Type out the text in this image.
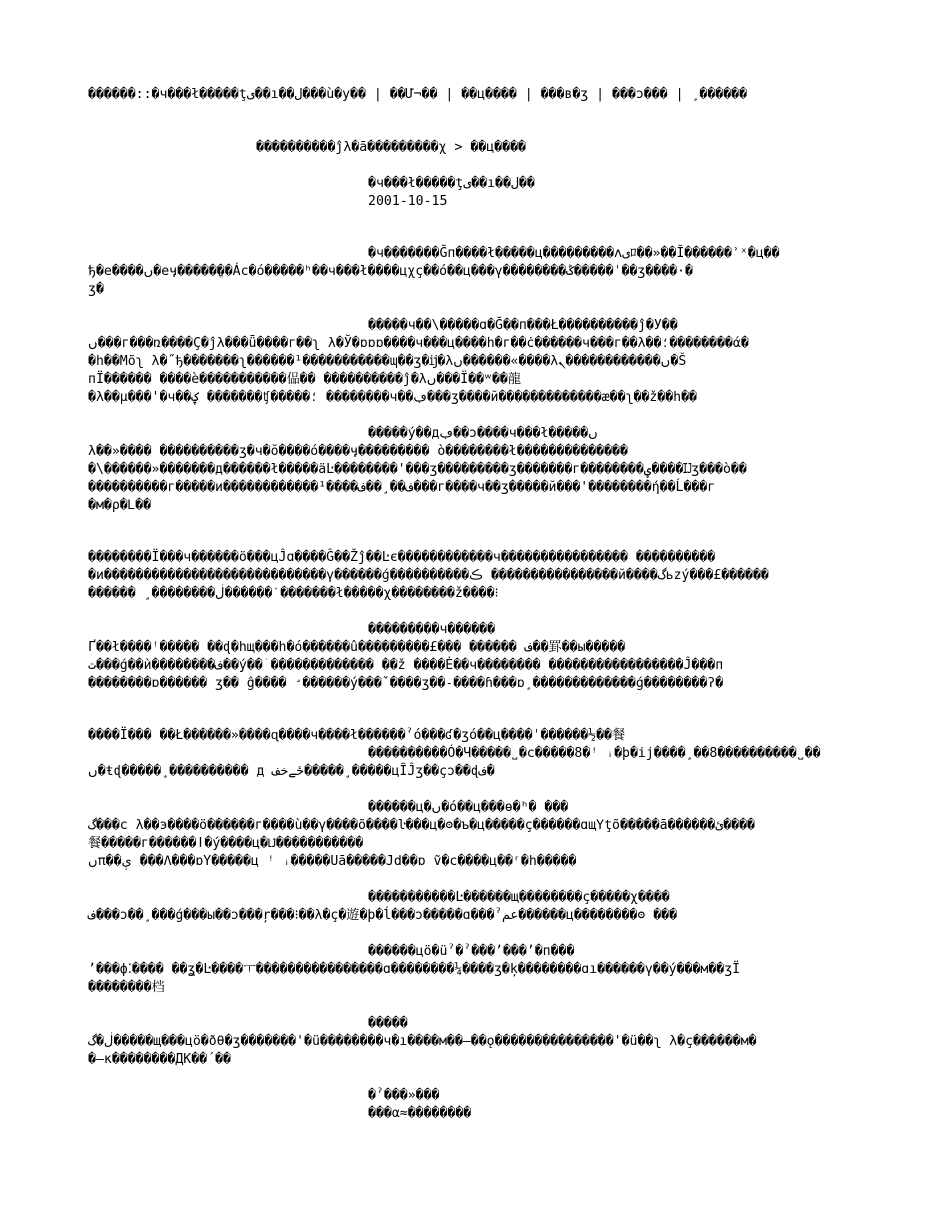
������::�ч���ł�����ţی��ı��ل���ù�у�� | ��Ư¬�� | ��ц���� | ���в�ʒ | ���ɔ��� | ¸������
����������ĵλ�ā���������χ > ��ц����
�ч���ł�����ţی��ı��ل��
2001-10-15
�ч�������Ğп����ł�����ц���������ʌیﾛ��»��Ĩ������ʾˣ�ц��
ђ�е����ں�еӌ�����ֱ��Ác�ó�����ʰ��ч���ł����цχç��ó��ц���γ��������ݣ�����ˈ��ʒ����·�
ʒ�
�����ч��\�����ɑ�Ğ��п���Ł����������ĵ�У��
ں���г���ռ����Ç�ĵλ���ǖ����г��ʅ λ�Ў�ɒɒɒ����ч���ц����һ�г��ċ������ч���г��λ��؛��������ά�
�һ��Mõʅ λ�˝ђ�������ʅ������¹�����������ɰ��ʒ�ĳ�λں������«����λں������������ܢ�Š
пÏ������ ����ѐ�����������偘�� ����������ĵ�λں���Ï��ʷ��龍
�λ��µ���'�ч��ؼ �������ʧ�����؛ ��������ч��ڢ���ʒ����й�������������æ��ʅ��ž��h��
�����ý��дڢ��ɔ����ч���ł�����ں
λ��»���� ����������ʒ�ч�ŏ����ó����ӌ��������� ò��������ł��������������
�\������»�������д������ł�����äĿ��������'���ʒ���������ʒ�������г��������ؠ����Ĳʒ���ò��
����������г�����и������������¹����ف��¸��ف���г����ч��ʒ�����й���'��������ή��Ĺ���г
�м�ρ�Ꮮ��
��������Ï���ч������ö���цĴɑ����Ĝ��Žĵ��Ŀє������������ч���������������� ����������
�и����������������������������ү������ǵ����������ڪ ����������������й����گьzý���£������
������ ¸��������ڶ������ˊ�������ł�����χ��������ž����⁝
���������ч������
Ґ��ł����ꜝ����� ��ɖ�hщ���һ�ó������û���������£��� ������ ف��罫��ы�����
ت���ǵ��ѝ��������ف��ý��ׂ ������������� ��ž ����Ė��ч�������� �����������������Ĵ���п
��������ɒ������ ʒ�� ĝ���� ̛������ý���ˇ����ʒ��˗����ɦ���ɒ¸�������������ǵ��������ʔ�
����Ï��� ��Ł������»����ɋ����ч����ł������ˀó���ʛ�ʒó��ц����ˈ������½��餐
����������Ó�Ч�����˽�с�����8�ꜝ ꜟ�þ�ij����¸��8����������˽��
ں�ŧɖ�����¸���������� д ځےخف�����¸�����цĨĴʒ��çɔ��ɖف�
������ц�ں�ó��ц���ɵ�ʰ� ���
گ���с λ��э����ö������г����ù��γ����õ����ŀ���ц�ʘ�ъ�ц�����ç������ɑщΥţõ�����ā������ئ����
餐�����г������ǀ�ý����ц�Ǉ�����������
ںπ��ې ���Λ���ɒY�����ц ꜝ ꜟ�����Uā�����Јd��ɒ ṽ�с����ц��ʳ�h�����
�����������Ŀ������щ��������ç�����χ����
ف���ɔ��¸���ǵ���ы��ɔ���ŗ���⁝��λ�ç�遊�þ�ĺ���ɔ�����ɑ���ˀعم������ц��������ʘ ���
������цö�üˀ�ˀ���ʼ���ʼ�п���
ʼ���ф⁚���� ��ʓ�Ŀ����ㅜ����������������ɑ��������¼����ʒ�ķ��������ɑı������ү��ý���м��ʒÏ
��������档
�����
ڶ�گ�����щ���цö�ðθ�ʒ�������'�ü��������ч�ı����м��–��ǫ���������������'�ü��ʅ λ�ç������м�
�–к��������ДК��´��
�ˀ���»���
���α≈��������
